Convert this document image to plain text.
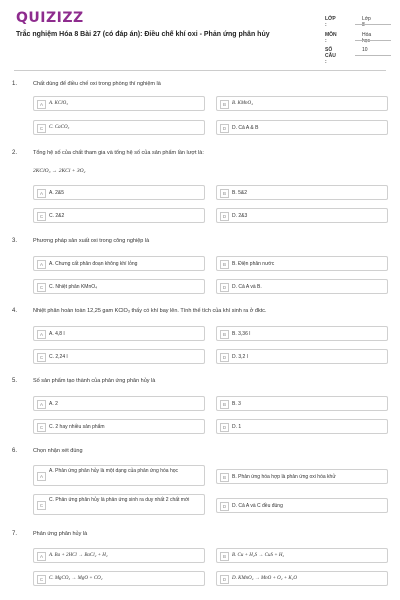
QUIZIZZ
Trắc nghiệm Hóa 8 Bài 27 (có đáp án): Điều chế khí oxi - Phản ứng phân hủy
LỚP :
Lớp 8
MÔN :
Hóa học
SỐ CÂU :
10
1.	Chất dùng để điều chế oxi trong phòng thí nghiệm là
A	A. KClO₃	B	B. KMnO₄
C	C. CaCO₃	D	D. Cả A & B
2.	Tổng hệ số của chất tham gia và tổng hệ số của sản phẩm lần lượt là:
2KClO₃ → 2KCl + 3O₂
A	A. 2&5	B	B. 5&2
C	C. 2&2	D	D. 2&3
3.	Phương pháp sản xuất oxi trong công nghiệp là
A	A. Chưng cất phân đoạn không khí lỏng	B	B. Điện phân nước
C	C. Nhiệt phân KMnO₄	D	D. Cả A và B.
4.	Nhiệt phân hoàn toàn 12,25 gam KClO₃ thấy có khí bay lên. Tính thể tích của khí sinh ra ở đktc.
A	A. 4,8 l	B	B. 3,36 l
C	C. 2,24 l	D	D. 3,2 l
5.	Số sản phẩm tạo thành của phản ứng phân hủy là
A	A. 2	B	B. 3
C	C. 2 hay nhiều sản phẩm	D	D. 1
6.	Chọn nhận xét đúng
A
A. Phản ứng phân hủy là một dạng của phản ứng hóa học
B	B. Phản ứng hóa hợp là phản ứng oxi hóa khử
C
C. Phản ứng phân hủy là phản ứng sinh ra duy nhất 2 chất mới
D	D. Cả A và C đều đúng
7.	Phản ứng phân hủy là
A	A. Ba + 2HCl → BaCl₂ + H₂	B	B. Cu + H₂S → CuS + H₂
C	C. MgCO₃ → MgO + CO₂	D	D. KMnO₄ → MnO + O₂ + K₂O
